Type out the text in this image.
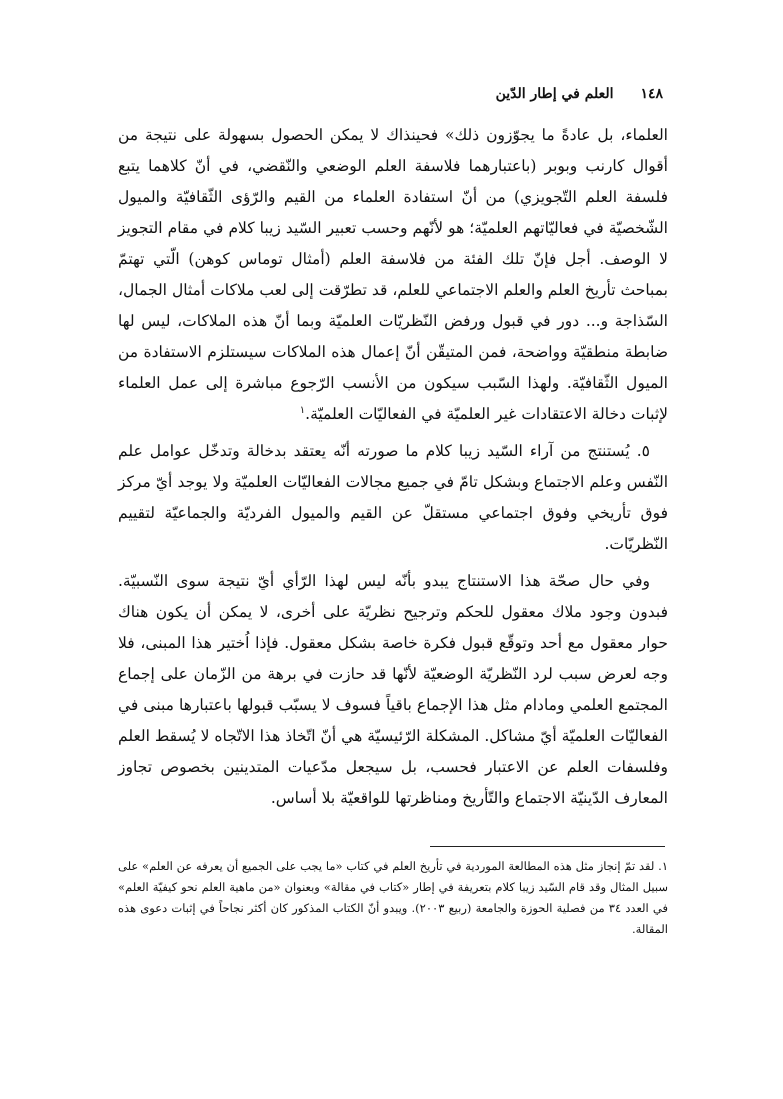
١٤٨ العلم في إطار الدّين

العلماء، بل عادةً ما يجوّزون ذلك» فحينذاك لا يمكن الحصول بسهولة على نتيجة من أقوال كارنب وبوبر (باعتبارهما فلاسفة العلم الوضعي والنّقضي، في أنّ كلاهما يتبع فلسفة العلم التّجويزي) من أنّ استفادة العلماء من القيم والرّؤى الثّقافيّة والميول الشّخصيّة في فعاليّاتهم العلميّة؛ هو لأنّهم وحسب تعبير السّيد زيبا كلام في مقام التجويز لا الوصف. أجل فإنّ تلك الفئة من فلاسفة العلم (أمثال توماس كوهن) الّتي تهتمّ بمباحث تأريخ العلم والعلم الاجتماعي للعلم، قد تطرّقت إلى لعب ملاكات أمثال الجمال، السّذاجة و... دور في قبول ورفض النّظريّات العلميّة وبما أنّ هذه الملاكات، ليس لها ضابطة منطقيّة وواضحة، فمن المتيقّن أنّ إعمال هذه الملاكات سيستلزم الاستفادة من الميول الثّقافيّة. ولهذا السّبب سيكون من الأنسب الرّجوع مباشرة إلى عمل العلماء لإثبات دخالة الاعتقادات غير العلميّة في الفعاليّات العلميّة.$^١$

٥. يُستنتج من آراء السّيد زيبا كلام ما صورته أنّه يعتقد بدخالة وتدخّل عوامل علم النّفس وعلم الاجتماع وبشكل تامّ في جميع مجالات الفعاليّات العلميّة ولا يوجد أيّ مركز فوق تأريخي وفوق اجتماعي مستقلّ عن القيم والميول الفرديّة والجماعيّة لتقييم النّظريّات.

وفي حال صحّة هذا الاستنتاج يبدو بأنّه ليس لهذا الرّأي أيّ نتيجة سوى النّسبيّة. فبدون وجود ملاك معقول للحكم وترجيح نظريّة على أخرى، لا يمكن أن يكون هناك حوار معقول مع أحد وتوقّع قبول فكرة خاصة بشكل معقول. فإذا اُختير هذا المبنى، فلا وجه لعرض سبب لرد النّظريّة الوضعيّة لأنّها قد حازت في برهة من الزّمان على إجماع المجتمع العلمي ومادام مثل هذا الإجماع باقياً فسوف لا يسبّب قبولها باعتبارها مبنى في الفعاليّات العلميّة أيّ مشاكل. المشكلة الرّئيسيّة هي أنّ اتّخاذ هذا الاتّجاه لا يُسقط العلم وفلسفات العلم عن الاعتبار فحسب، بل سيجعل مدّعيات المتدينين بخصوص تجاوز المعارف الدّينيّة الاجتماع والتّأريخ ومناظرتها للواقعيّة بلا أساس.

١. لقد تمّ إنجاز مثل هذه المطالعة الموردية في تأريخ العلم في كتاب «ما يجب على الجميع أن يعرفه عن العلم» على سبيل المثال وقد قام السّيد زيبا كلام بتعريفة في إطار «كتاب في مقالة» وبعنوان «من ماهية العلم نحو كيفيّة العلم» في العدد ٣٤ من فصلية الحوزة والجامعة (ربيع ٢٠٠٣). ويبدو أنّ الكتاب المذكور كان أكثر نجاحاً في إثبات دعوى هذه المقالة.
